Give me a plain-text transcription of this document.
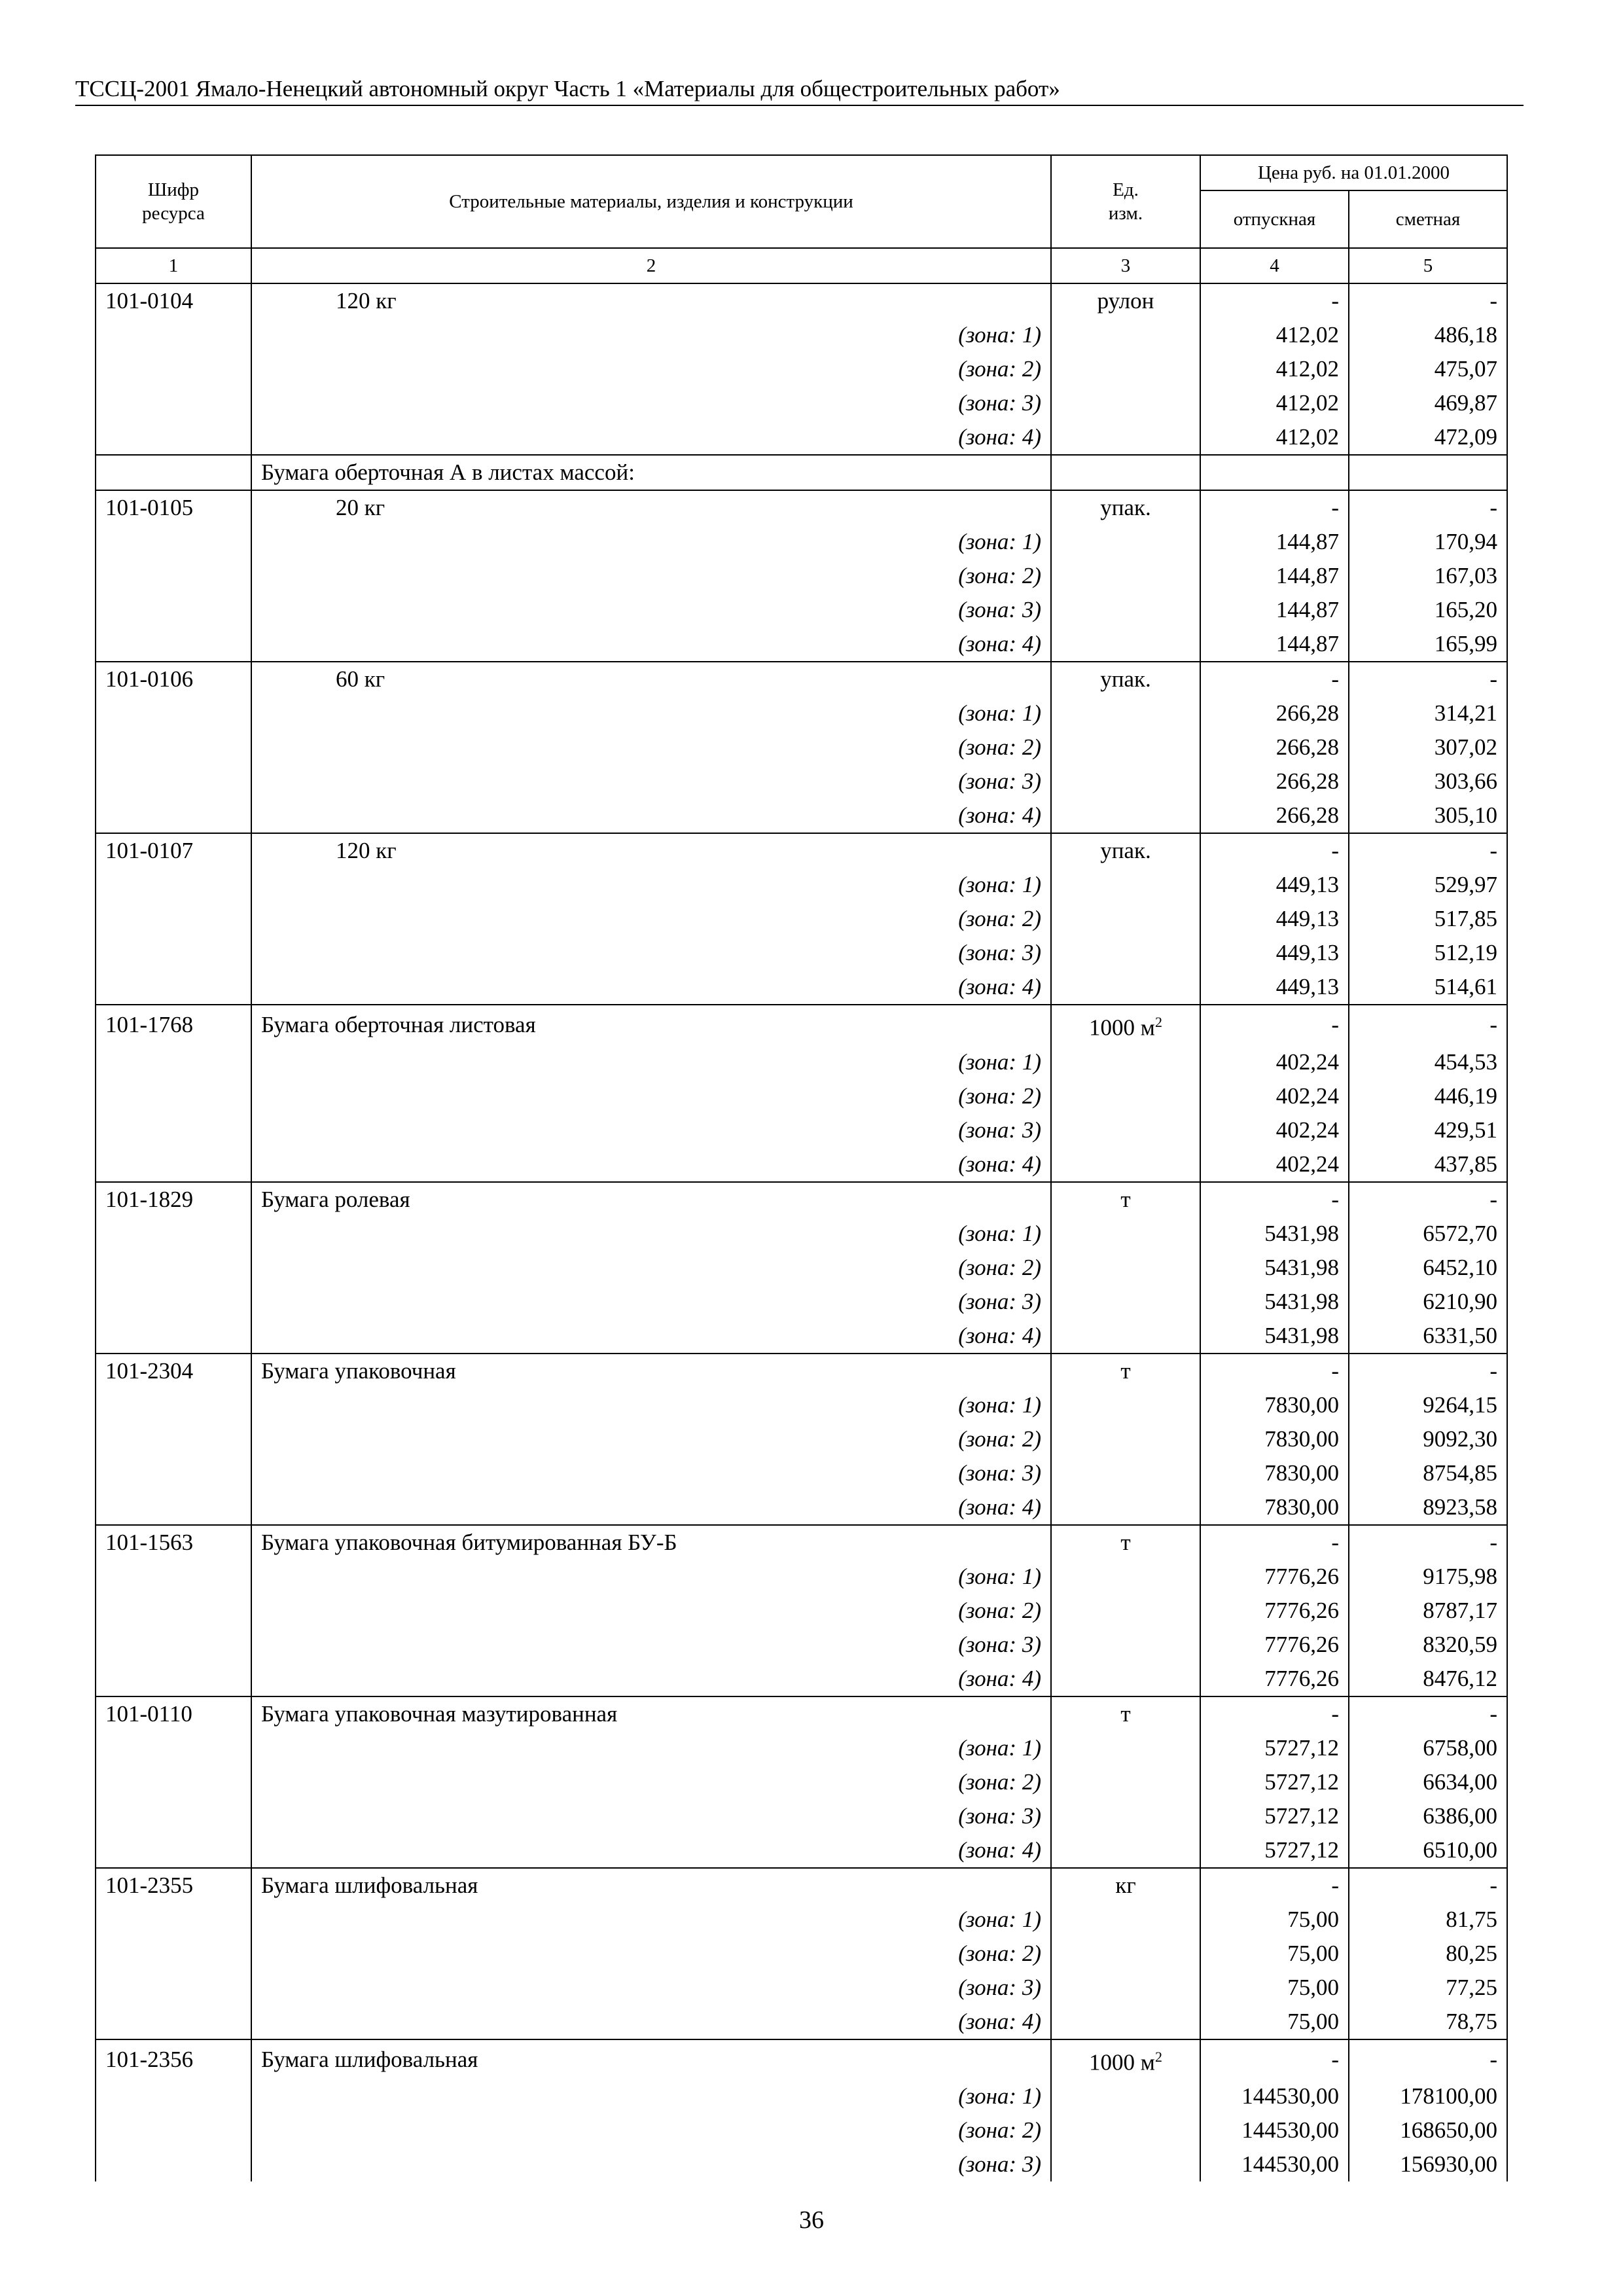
ТССЦ-2001 Ямало-Ненецкий автономный округ Часть 1 «Материалы для общестроительных работ»
Шифр
ресурса	Строительные материалы, изделия и конструкции	Ед.
изм.	Цена руб. на 01.01.2000	
			отпускная	сметная
1	2	3	4	5
101-0104	120 кг	рулон	-	-
	(зона: 1)		412,02	486,18
	(зона: 2)		412,02	475,07
	(зона: 3)		412,02	469,87
	(зона: 4)		412,02	472,09
	Бумага оберточная А в листах массой:			
101-0105	20 кг	упак.	-	-
	(зона: 1)		144,87	170,94
	(зона: 2)		144,87	167,03
	(зона: 3)		144,87	165,20
	(зона: 4)		144,87	165,99
101-0106	60 кг	упак.	-	-
	(зона: 1)		266,28	314,21
	(зона: 2)		266,28	307,02
	(зона: 3)		266,28	303,66
	(зона: 4)		266,28	305,10
101-0107	120 кг	упак.	-	-
	(зона: 1)		449,13	529,97
	(зона: 2)		449,13	517,85
	(зона: 3)		449,13	512,19
	(зона: 4)		449,13	514,61
101-1768	Бумага оберточная листовая	1000 $м^2$	-	-
	(зона: 1)		402,24	454,53
	(зона: 2)		402,24	446,19
	(зона: 3)		402,24	429,51
	(зона: 4)		402,24	437,85
101-1829	Бумага ролевая	т	-	-
	(зона: 1)		5431,98	6572,70
	(зона: 2)		5431,98	6452,10
	(зона: 3)		5431,98	6210,90
	(зона: 4)		5431,98	6331,50
101-2304	Бумага упаковочная	т	-	-
	(зона: 1)		7830,00	9264,15
	(зона: 2)		7830,00	9092,30
	(зона: 3)		7830,00	8754,85
	(зона: 4)		7830,00	8923,58
101-1563	Бумага упаковочная битумированная БУ-Б	т	-	-
	(зона: 1)		7776,26	9175,98
	(зона: 2)		7776,26	8787,17
	(зона: 3)		7776,26	8320,59
	(зона: 4)		7776,26	8476,12
101-0110	Бумага упаковочная мазутированная	т	-	-
	(зона: 1)		5727,12	6758,00
	(зона: 2)		5727,12	6634,00
	(зона: 3)		5727,12	6386,00
	(зона: 4)		5727,12	6510,00
101-2355	Бумага шлифовальная	кг	-	-
	(зона: 1)		75,00	81,75
	(зона: 2)		75,00	80,25
	(зона: 3)		75,00	77,25
	(зона: 4)		75,00	78,75
101-2356	Бумага шлифовальная	1000 $м^2$	-	-
	(зона: 1)		144530,00	178100,00
	(зона: 2)		144530,00	168650,00
	(зона: 3)		144530,00	156930,00
36
